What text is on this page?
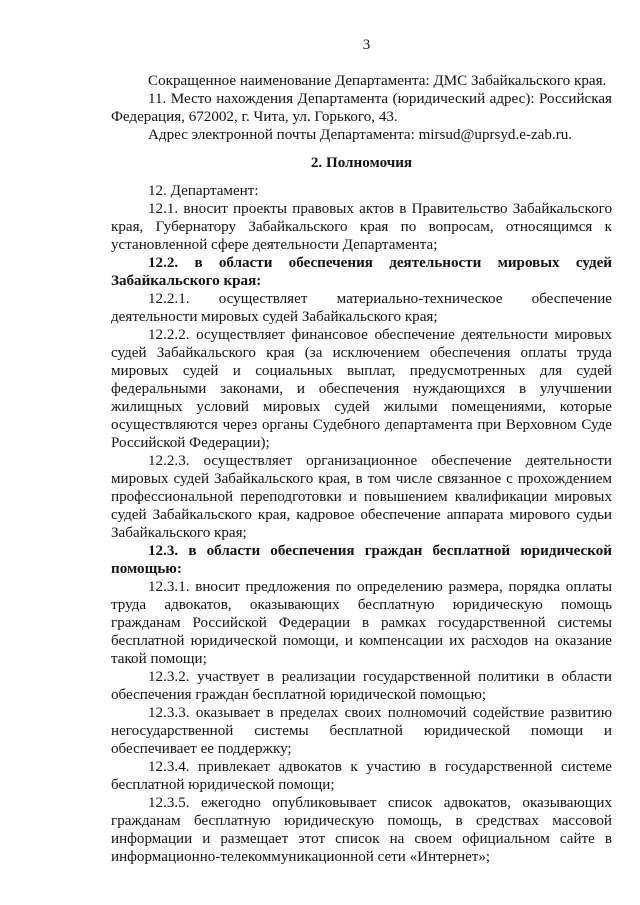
3

Сокращенное наименование Департамента: ДМС Забайкальского края.

11. Место нахождения Департамента (юридический адрес): Российская Федерация, 672002, г. Чита, ул. Горького, 43.

Адрес электронной почты Департамента: mirsud@uprsyd.e-zab.ru.

2. Полномочия

12. Департамент:

12.1. вносит проекты правовых актов в Правительство Забайкальского края, Губернатору Забайкальского края по вопросам, относящимся к установленной сфере деятельности Департамента;

12.2. в области обеспечения деятельности мировых судей Забайкальского края:

12.2.1. осуществляет материально-техническое обеспечение деятельности мировых судей Забайкальского края;

12.2.2. осуществляет финансовое обеспечение деятельности мировых судей Забайкальского края (за исключением обеспечения оплаты труда мировых судей и социальных выплат, предусмотренных для судей федеральными законами, и обеспечения нуждающихся в улучшении жилищных условий мировых судей жилыми помещениями, которые осуществляются через органы Судебного департамента при Верховном Суде Российской Федерации);

12.2.3. осуществляет организационное обеспечение деятельности мировых судей Забайкальского края, в том числе связанное с прохождением профессиональной переподготовки и повышением квалификации мировых судей Забайкальского края, кадровое обеспечение аппарата мирового судьи Забайкальского края;

12.3. в области обеспечения граждан бесплатной юридической помощью:

12.3.1. вносит предложения по определению размера, порядка оплаты труда адвокатов, оказывающих бесплатную юридическую помощь гражданам Российской Федерации в рамках государственной системы бесплатной юридической помощи, и компенсации их расходов на оказание такой помощи;

12.3.2. участвует в реализации государственной политики в области обеспечения граждан бесплатной юридической помощью;

12.3.3. оказывает в пределах своих полномочий содействие развитию негосударственной системы бесплатной юридической помощи и обеспечивает ее поддержку;

12.3.4. привлекает адвокатов к участию в государственной системе бесплатной юридической помощи;

12.3.5. ежегодно опубликовывает список адвокатов, оказывающих гражданам бесплатную юридическую помощь, в средствах массовой информации и размещает этот список на своем официальном сайте в информационно-телекоммуникационной сети «Интернет»;
